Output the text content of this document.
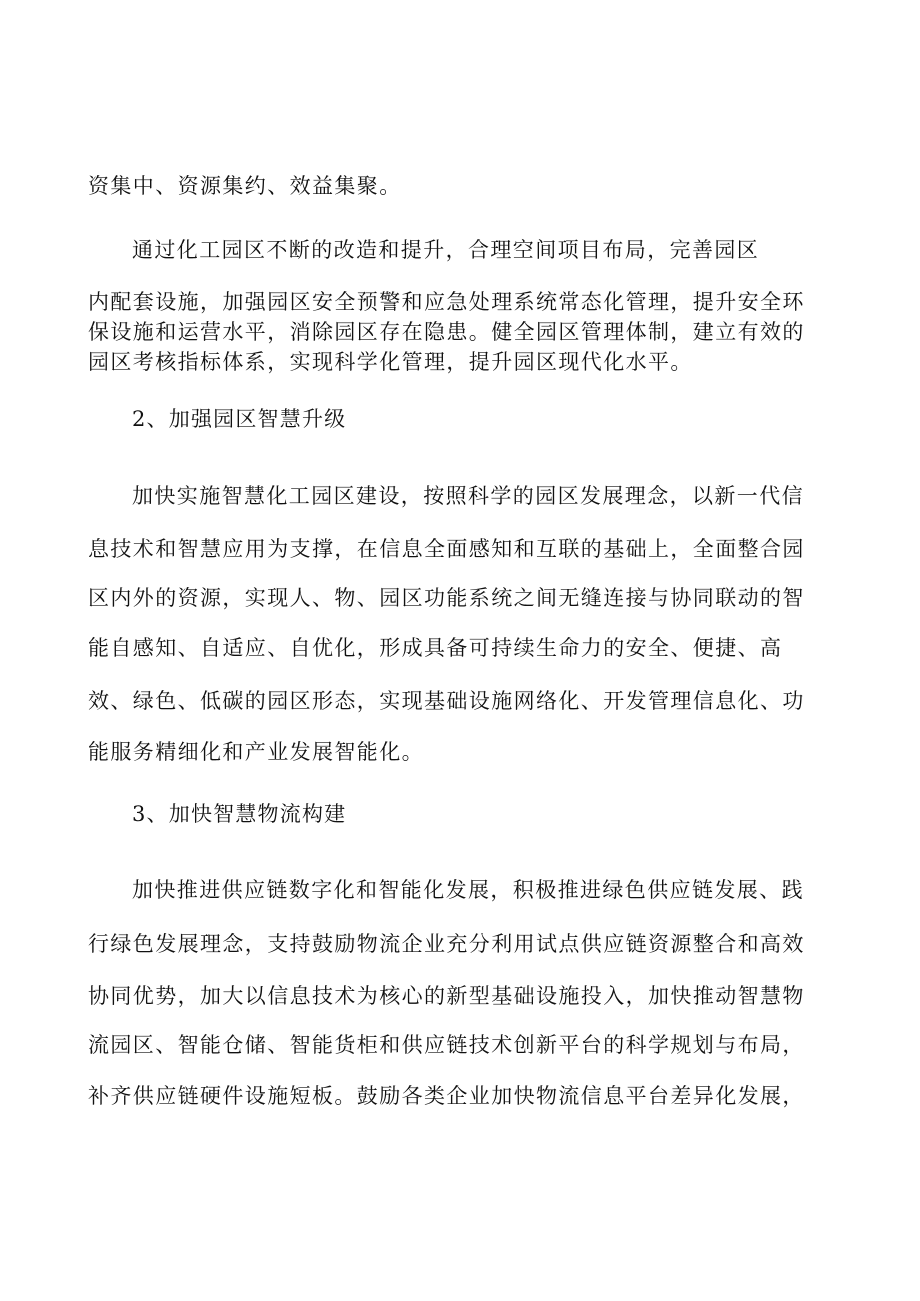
资集中、资源集约、效益集聚。
通过化工园区不断的改造和提升，合理空间项目布局，完善园区
内配套设施，加强园区安全预警和应急处理系统常态化管理，提升安全环
保设施和运营水平，消除园区存在隐患。健全园区管理体制，建立有效的
园区考核指标体系，实现科学化管理，提升园区现代化水平。
2、加强园区智慧升级
加快实施智慧化工园区建设，按照科学的园区发展理念，以新一代信
息技术和智慧应用为支撑，在信息全面感知和互联的基础上，全面整合园
区内外的资源，实现人、物、园区功能系统之间无缝连接与协同联动的智
能自感知、自适应、自优化，形成具备可持续生命力的安全、便捷、高
效、绿色、低碳的园区形态，实现基础设施网络化、开发管理信息化、功
能服务精细化和产业发展智能化。
3、加快智慧物流构建
加快推进供应链数字化和智能化发展，积极推进绿色供应链发展、践
行绿色发展理念，支持鼓励物流企业充分利用试点供应链资源整合和高效
协同优势，加大以信息技术为核心的新型基础设施投入，加快推动智慧物
流园区、智能仓储、智能货柜和供应链技术创新平台的科学规划与布局，
补齐供应链硬件设施短板。鼓励各类企业加快物流信息平台差异化发展，
